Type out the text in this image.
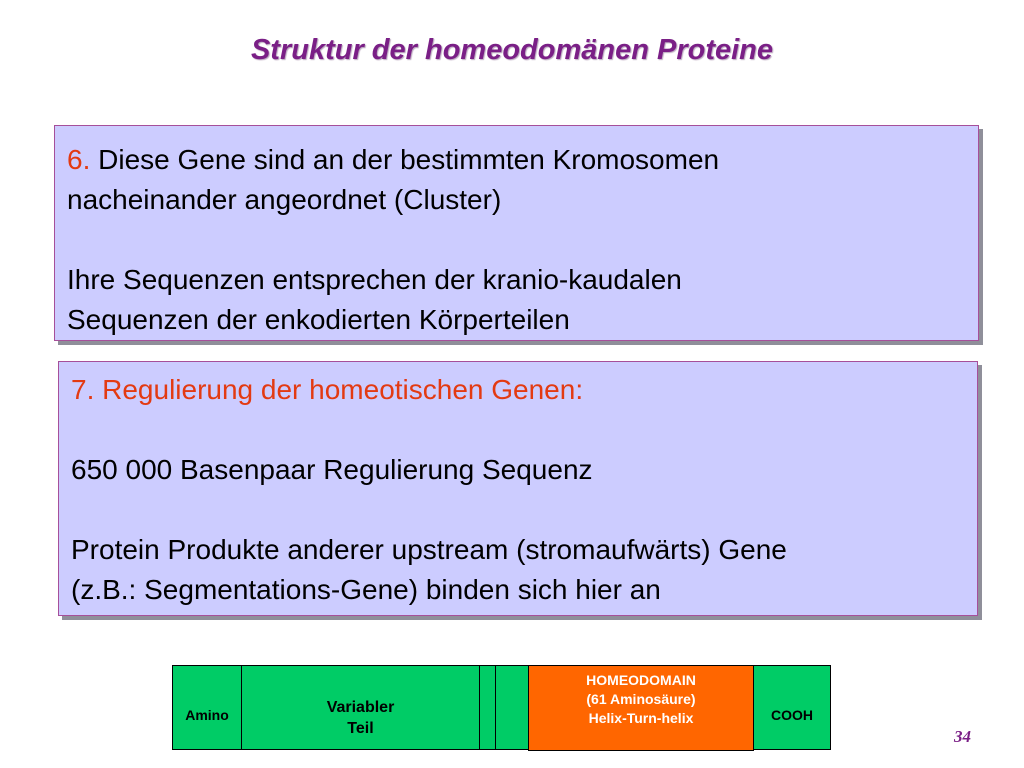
Struktur der homeodomänen Proteine

6. Diese Gene sind an der bestimmten Kromosomen

nacheinander angeordnet (Cluster)

Ihre Sequenzen entsprechen der kranio-kaudalen

Sequenzen der enkodierten Körperteilen

7. Regulierung der homeotischen Genen:

650 000 Basenpaar Regulierung Sequenz

Protein Produkte anderer upstream (stromaufwärts) Gene

(z.B.: Segmentations-Gene) binden sich hier an

Amino	Variabler
Teil
HOMEODOMAIN
(61 Aminosäure)
Helix-Turn-helix	COOH
34
